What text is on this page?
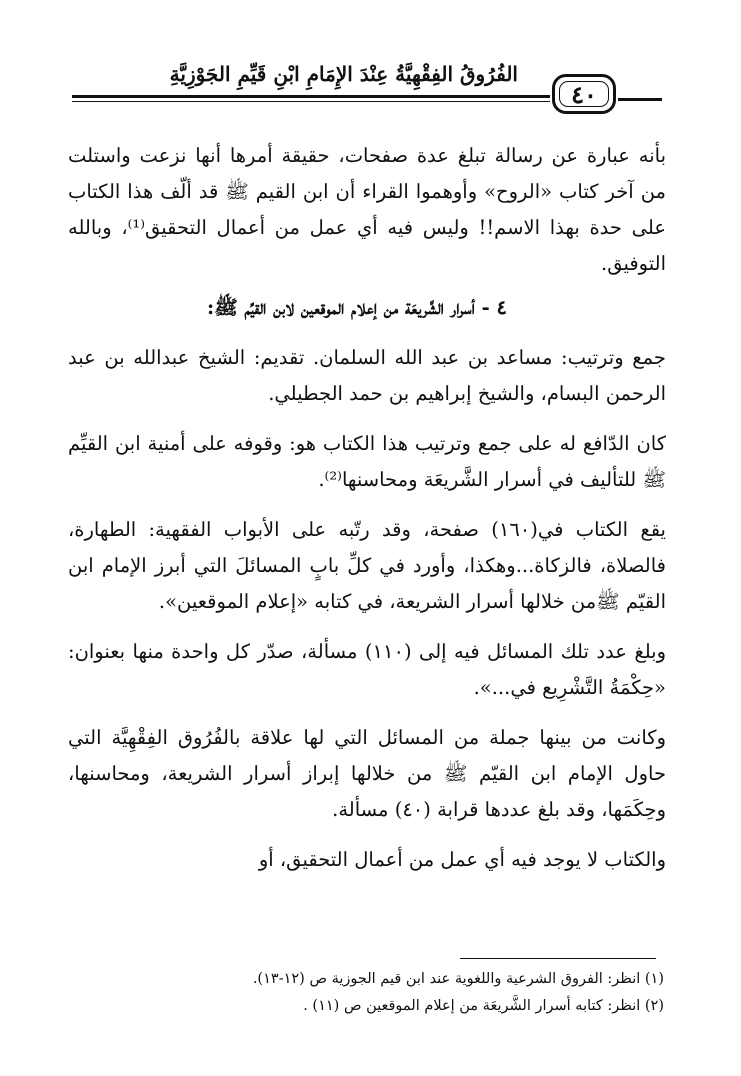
الفُرُوقُ الفِقْهِيَّةُ عِنْدَ الإِمَامِ ابْنِ قَيِّمِ الجَوْزِيَّةِ
٤٠

بأنه عبارة عن رسالة تبلغ عدة صفحات، حقيقة أمرها أنها نزعت واستلت من آخر كتاب «الروح» وأوهموا القراء أن ابن القيم ﷺ قد ألّف هذا الكتاب على حدة بهذا الاسم!! وليس فيه أي عمل من أعمال التحقيق⁽¹⁾، وبالله التوفيق.

٤ - أسرار الشَّريعَة من إعلام الموقعين لابن القيِّم ﷺ:

جمع وترتيب: مساعد بن عبد الله السلمان. تقديم: الشيخ عبدالله بن عبد الرحمن البسام، والشيخ إبراهيم بن حمد الجطيلي.

كان الدّافع له على جمع وترتيب هذا الكتاب هو: وقوفه على أمنية ابن القيِّم ﷺ للتأليف في أسرار الشَّريعَة ومحاسنها⁽²⁾.

يقع الكتاب في(١٦٠) صفحة، وقد رتّبه على الأبواب الفقهية: الطهارة، فالصلاة، فالزكاة...وهكذا، وأورد في كلِّ بابٍ المسائلَ التي أبرز الإمام ابن القيّم ﷺمن خلالها أسرار الشريعة، في كتابه «إعلام الموقعين».

وبلغ عدد تلك المسائل فيه إلى (١١٠) مسألة، صدّر كل واحدة منها بعنوان: «حِكْمَةُ التَّشْرِيع في...».

وكانت من بينها جملة من المسائل التي لها علاقة بالفُرُوق الفِقْهِيَّة التي حاول الإمام ابن القيّم ﷺ من خلالها إبراز أسرار الشريعة، ومحاسنها، وحِكَمَها، وقد بلغ عددها قرابة (٤٠) مسألة.

والكتاب لا يوجد فيه أي عمل من أعمال التحقيق، أو

(١) انظر: الفروق الشرعية واللغوية عند ابن قيم الجوزية ص (١٢-١٣).

(٢) انظر: كتابه أسرار الشَّريعَة من إعلام الموقعين ص (١١) .
